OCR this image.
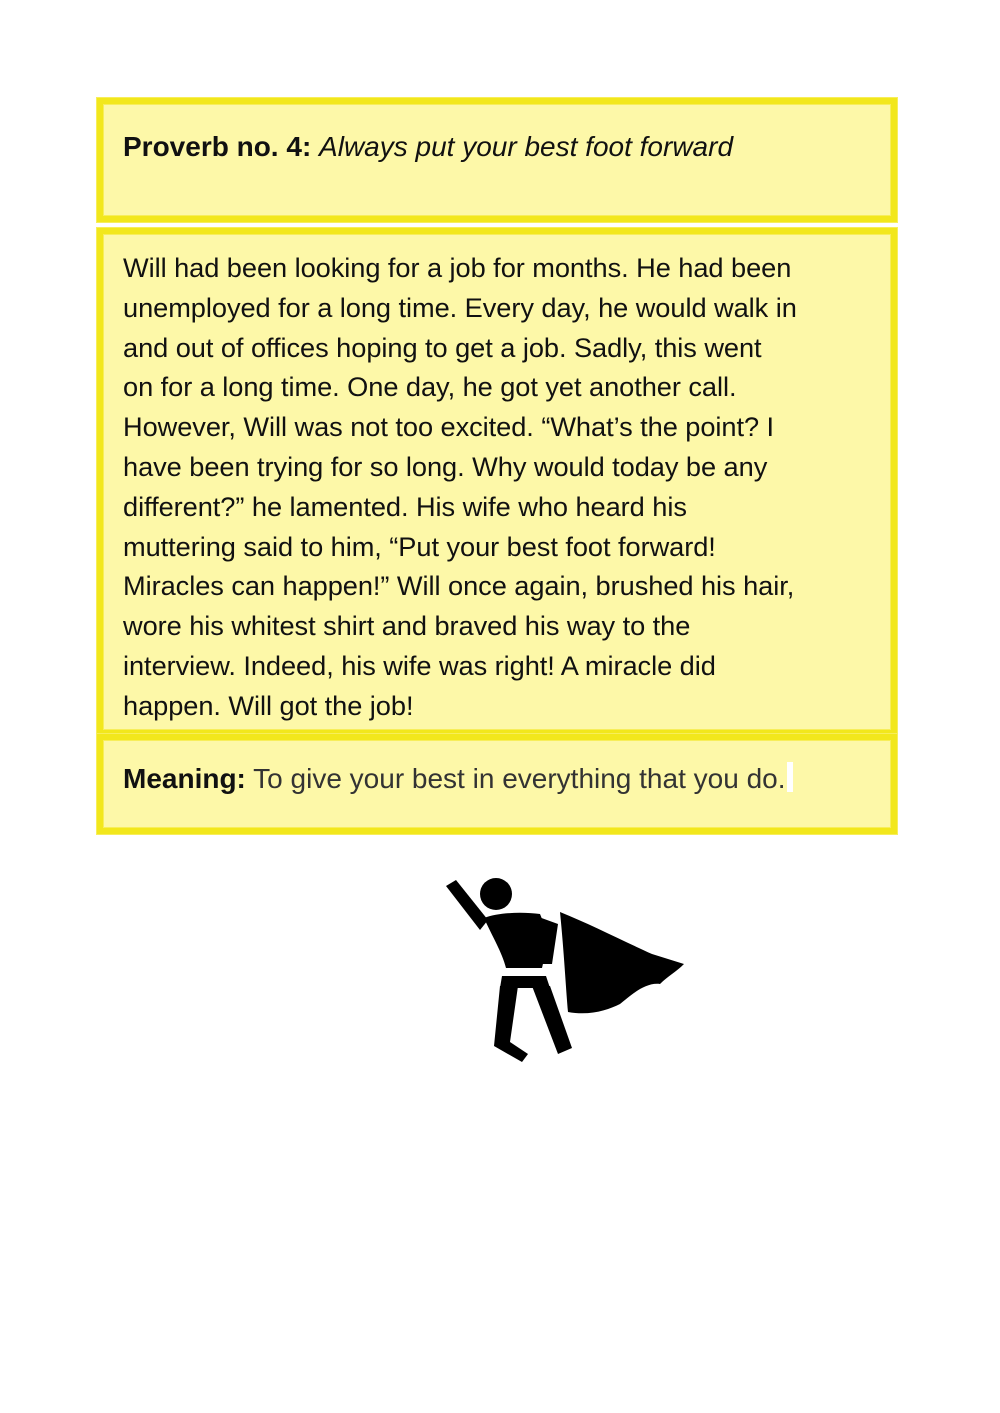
Proverb no. 4: Always put your best foot forward
Will had been looking for a job for months. He had been
unemployed for a long time. Every day, he would walk in
and out of offices hoping to get a job. Sadly, this went
on for a long time. One day, he got yet another call.
However, Will was not too excited. “What’s the point? I
have been trying for so long. Why would today be any
different?” he lamented. His wife who heard his
muttering said to him, “Put your best foot forward!
Miracles can happen!” Will once again, brushed his hair,
wore his whitest shirt and braved his way to the
interview. Indeed, his wife was right! A miracle did
happen. Will got the job!
Meaning: To give your best in everything that you do.
